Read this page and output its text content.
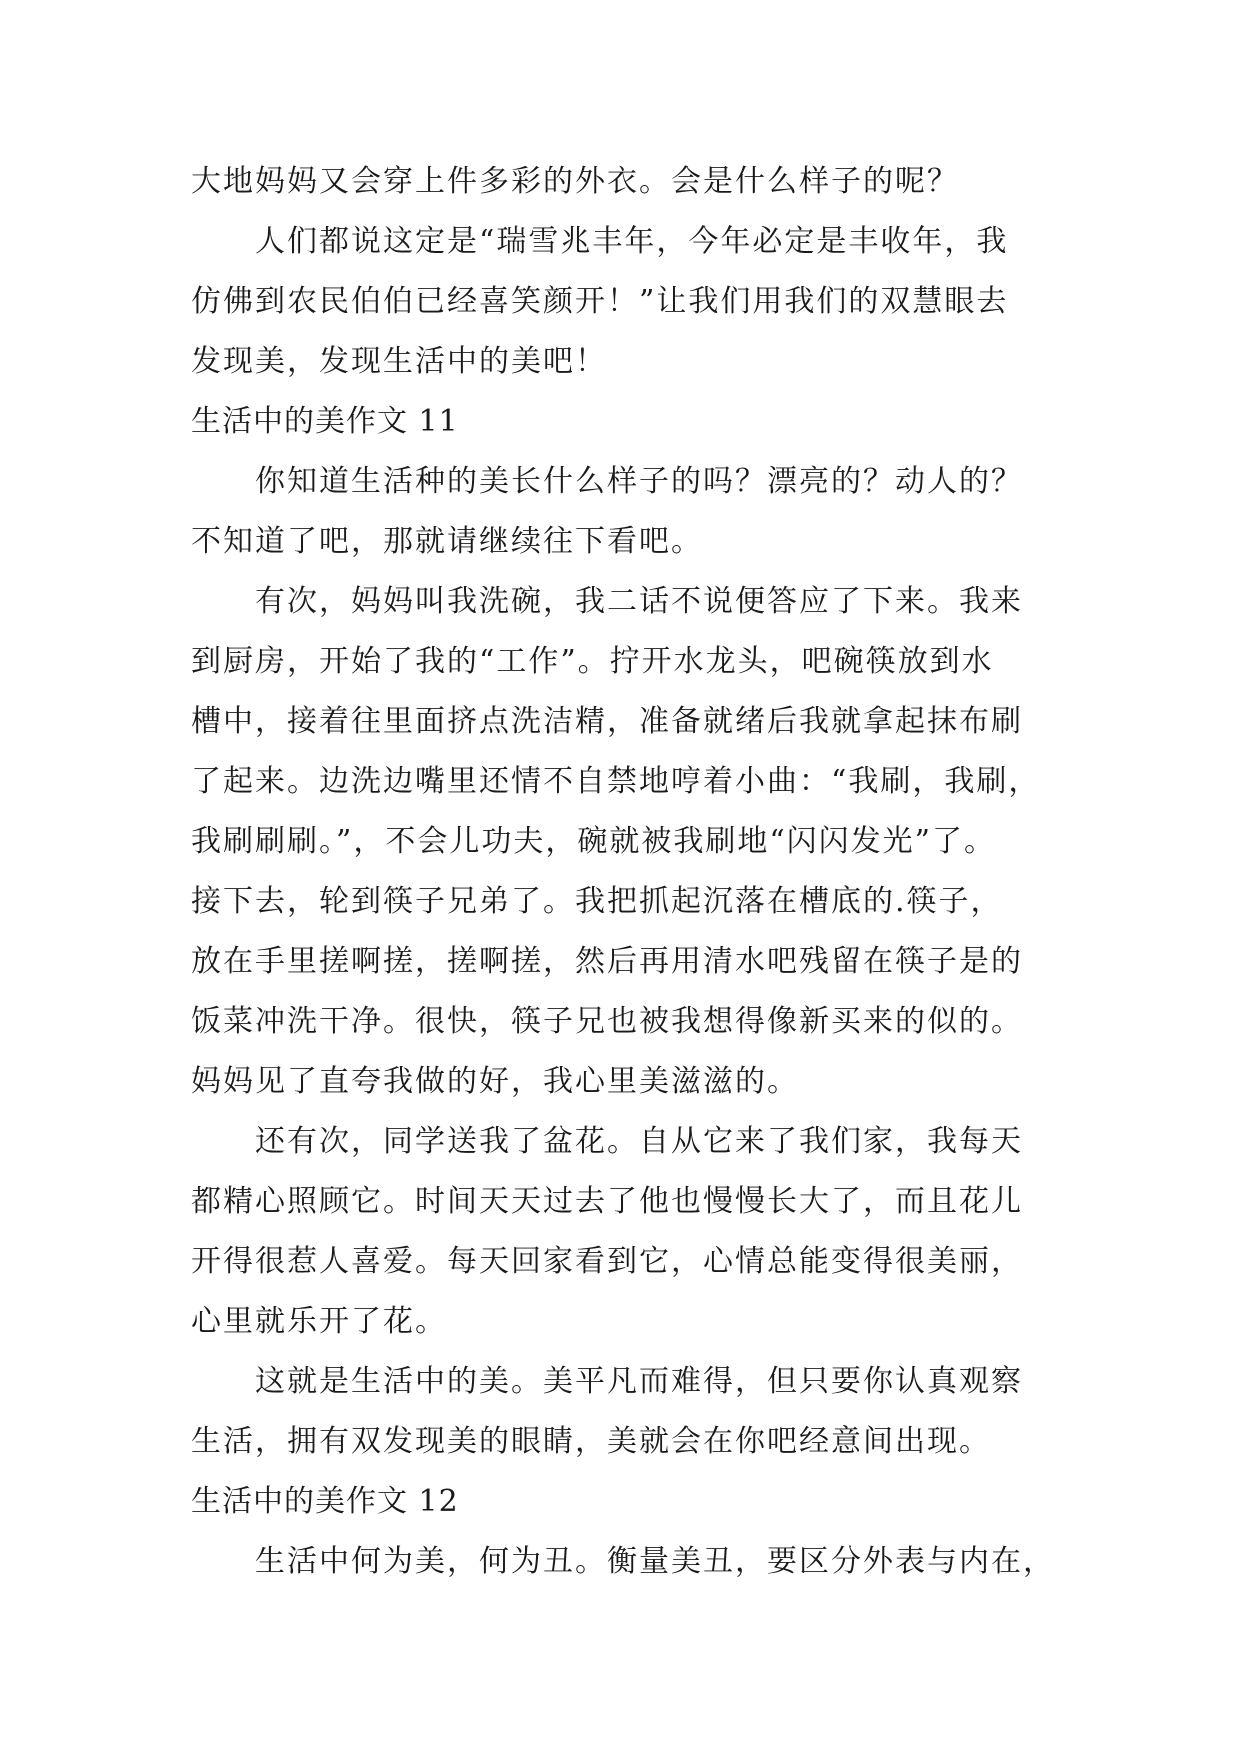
大地妈妈又会穿上件多彩的外衣。会是什么样子的呢？
人们都说这定是“瑞雪兆丰年，今年必定是丰收年，我
仿佛到农民伯伯已经喜笑颜开！”让我们用我们的双慧眼去
发现美，发现生活中的美吧！
生活中的美作文 11
你知道生活种的美长什么样子的吗？漂亮的？动人的？
不知道了吧，那就请继续往下看吧。
有次，妈妈叫我洗碗，我二话不说便答应了下来。我来
到厨房，开始了我的“工作”。拧开水龙头，吧碗筷放到水
槽中，接着往里面挤点洗洁精，准备就绪后我就拿起抹布刷
了起来。边洗边嘴里还情不自禁地哼着小曲：“我刷，我刷，
我刷刷刷。”，不会儿功夫，碗就被我刷地“闪闪发光”了。
接下去，轮到筷子兄弟了。我把抓起沉落在槽底的.筷子，
放在手里搓啊搓，搓啊搓，然后再用清水吧残留在筷子是的
饭菜冲洗干净。很快，筷子兄也被我想得像新买来的似的。
妈妈见了直夸我做的好，我心里美滋滋的。
还有次，同学送我了盆花。自从它来了我们家，我每天
都精心照顾它。时间天天过去了他也慢慢长大了，而且花儿
开得很惹人喜爱。每天回家看到它，心情总能变得很美丽，
心里就乐开了花。
这就是生活中的美。美平凡而难得，但只要你认真观察
生活，拥有双发现美的眼睛，美就会在你吧经意间出现。
生活中的美作文 12
生活中何为美，何为丑。衡量美丑，要区分外表与内在，
